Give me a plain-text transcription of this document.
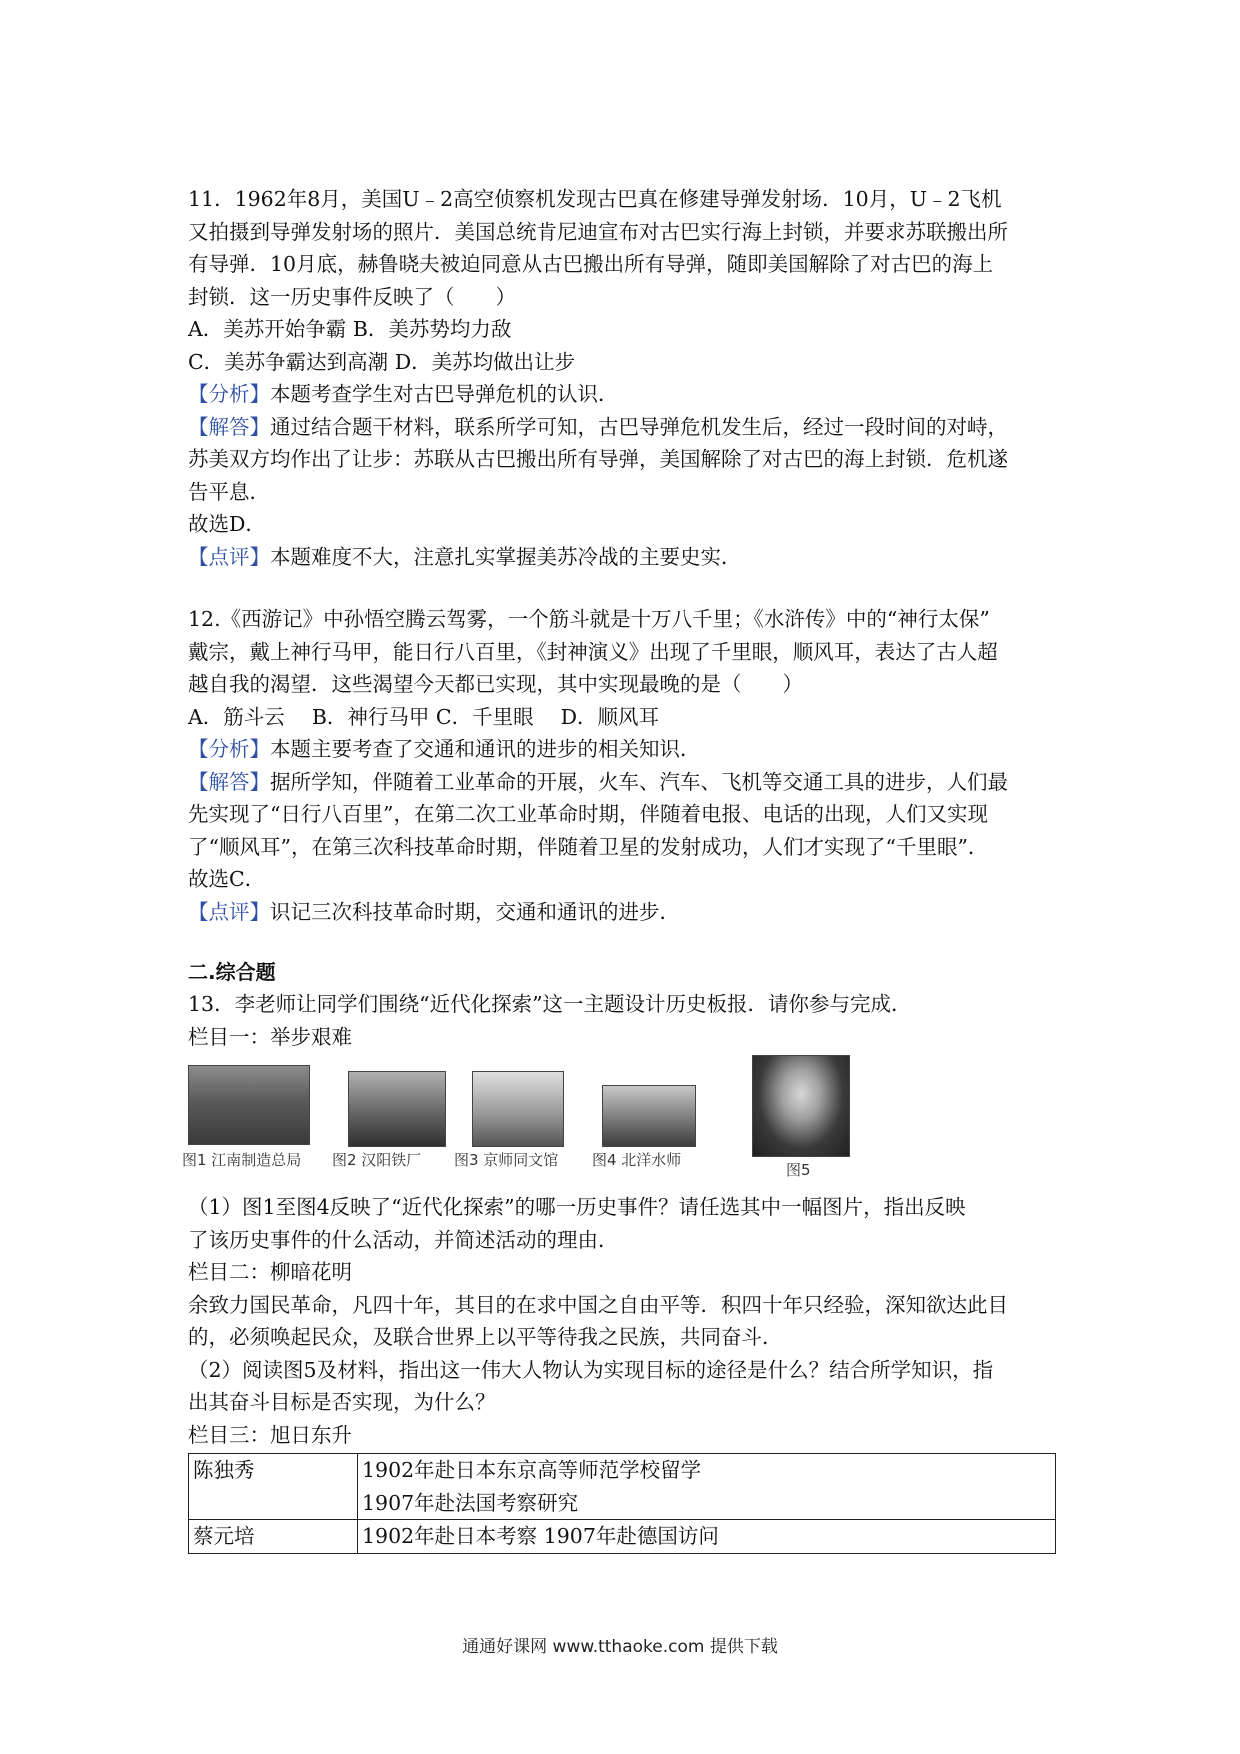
11．1962年8月，美国U﹣2高空侦察机发现古巴真在修建导弹发射场．10月，U﹣2飞机
又拍摄到导弹发射场的照片．美国总统肯尼迪宣布对古巴实行海上封锁，并要求苏联搬出所
有导弹．10月底，赫鲁晓夫被迫同意从古巴搬出所有导弹，随即美国解除了对古巴的海上
封锁．这一历史事件反映了（　　）
A．美苏开始争霸 B．美苏势均力敌
C．美苏争霸达到高潮 D．美苏均做出让步
【分析】本题考查学生对古巴导弹危机的认识．
【解答】通过结合题干材料，联系所学可知，古巴导弹危机发生后，经过一段时间的对峙，
苏美双方均作出了让步：苏联从古巴搬出所有导弹，美国解除了对古巴的海上封锁．危机遂
告平息．
故选D．
【点评】本题难度不大，注意扎实掌握美苏冷战的主要史实．
12.《西游记》中孙悟空腾云驾雾，一个筋斗就是十万八千里；《水浒传》中的“神行太保”
戴宗，戴上神行马甲，能日行八百里，《封神演义》出现了千里眼，顺风耳，表达了古人超
越自我的渴望．这些渴望今天都已实现，其中实现最晚的是（　　）
A．筋斗云　 B．神行马甲 C．千里眼　 D．顺风耳
【分析】本题主要考查了交通和通讯的进步的相关知识．
【解答】据所学知，伴随着工业革命的开展，火车、汽车、飞机等交通工具的进步，人们最
先实现了“日行八百里”，在第二次工业革命时期，伴随着电报、电话的出现，人们又实现
了“顺风耳”，在第三次科技革命时期，伴随着卫星的发射成功，人们才实现了“千里眼”．
故选C．
【点评】识记三次科技革命时期，交通和通讯的进步．
二.综合题
13．李老师让同学们围绕“近代化探索”这一主题设计历史板报．请你参与完成．
栏目一：举步艰难
图1 江南制造总局 图2 汉阳铁厂 图3 京师同文馆 图4 北洋水师
图5
（1）图1至图4反映了“近代化探索”的哪一历史事件？请任选其中一幅图片，指出反映
了该历史事件的什么活动，并简述活动的理由．
栏目二：柳暗花明
余致力国民革命，凡四十年，其目的在求中国之自由平等．积四十年只经验，深知欲达此目
的，必须唤起民众，及联合世界上以平等待我之民族，共同奋斗．
（2）阅读图5及材料，指出这一伟大人物认为实现目标的途径是什么？结合所学知识，指
出其奋斗目标是否实现，为什么？
栏目三：旭日东升
陈独秀	1902年赴日本东京高等师范学校留学
1907年赴法国考察研究

蔡元培	1902年赴日本考察 1907年赴德国访问
通通好课网 www.tthaoke.com 提供下载
